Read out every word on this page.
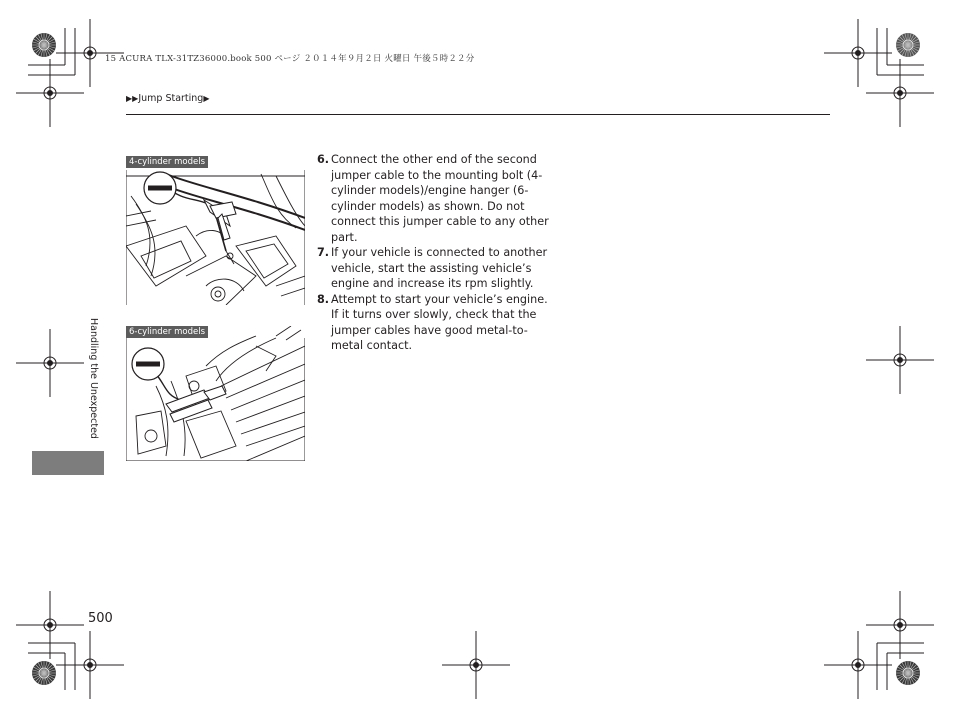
15 ACURA TLX-31TZ36000.book 500 ページ ２０１４年９月２日 火曜日 午後５時２２分
▶▶Jump Starting▶
Handling the Unexpected
500
4-cylinder models
6-cylinder models
6. Connect the other end of the second jumper cable to the mounting bolt (4-cylinder models)/engine hanger (6-cylinder models) as shown. Do not connect this jumper cable to any other part.
7. If your vehicle is connected to another vehicle, start the assisting vehicle’s engine and increase its rpm slightly.
8. Attempt to start your vehicle’s engine. If it turns over slowly, check that the jumper cables have good metal-to-metal contact.
